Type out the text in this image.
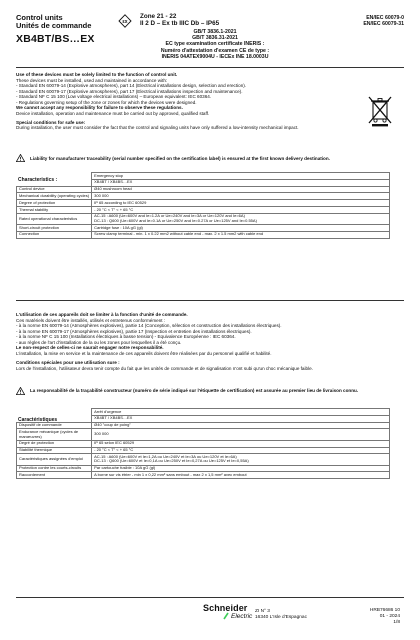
Control units
Unités de commande
XB4BT/BS…EX
εx
Zone 21 - 22
II 2 D – Ex tb IIIC Db – IP65
GB/T 3836.1-2021
GB/T 3836.31-2021
EC type examination certificate INERIS :
Numéro d'attestation d'examen CE de type :
INERIS 04ATEX9004U - IECEx INE 18.0003U
EN/IEC 60079-0
EN/IEC 60079-31
Use of these devices must be solely limited to the function of control unit.
These devices must be installed, used and maintained in accordance with:
- Standard EN 60079-14 (Explosive atmospheres), part 14 (Electrical installations design, selection and erection).
- Standard EN 60079-17 (Explosive atmospheres), part 17 (Electrical installations inspection and maintenance).
- Standard NF C 15 100 (Low voltage electrical installations) – European equivalent: IEC 60364.
- Regulations governing setup of the zone or zones for which the devices were designed.
We cannot accept any responsibility for failure to observe these regulations.
Device installation, operation and maintenance must be carried out by approved, qualified staff.
Special conditions for safe use:
During installation, the user must consider the fact that the control and signaling units have only suffered a low-intensity mechanical impact.
Liability for manufacturer traceability (serial number specified on the certification label) is ensured at the first known delivery destination.
Characteristics :
	Emergency stop
	XB4BT / XB4BS…EX
Control device	Ø40 mushroom head
Mechanical durability (operating cycles)	300 000
Degree of protection	IP 65 according to IEC 60529
Thermal stability	- 20 °C < T° < + 65 °C
Rated operational characteristics	AC-15 : A600 (Ue=600V and Ie=1.2A or Ue=240V and Ie=3A or Ue=120V and Ie=6A)
DC-13 : Q600 (Ue=600V and Ie=0.1A or Ue=250V and Ie=0.27A or Ue=125V and Ie=0.55A)

Short-circuit protection	Cartridge fuse : 10A gG (gl)
Connection	Screw clamp terminal - min. 1 x 0.22 mm2 without cable end - max. 2 x 1.5 mm2 with cable end
L'utilisation de ces appareils doit se limiter à la fonction d'unité de commande.
Ces matériels doivent être installés, utilisés et entretenus conformément :
- à la norme EN 60079-14 (Atmosphères explosives), partie 14 (Conception, sélection et construction des installations électriques).
- à la norme EN 60079-17 (Atmosphères explosives), partie 17 (Inspection et entretien des installations électriques).
- à la norme NF C 15 100 (Installations électriques à basse tension) - Equivalence Européenne : IEC 60364.
- aux règles de l'art d'installation de la ou les zones pour lesquelles il a été conçu.
Le non-respect de celles-ci ne saurait engager notre responsabilité.
L'installation, la mise en service et la maintenance de ces appareils doivent être réalisées par du personnel qualifié et habilité.
Conditions spéciales pour une utilisation sure :
Lors de l'installation, l'utilisateur devra tenir compte du fait que les unités de commande et de signalisation n'ont subi qu'un choc mécanique faible.
La responsabilité de la traçabilité constructeur (numéro de série indiqué sur l'étiquette de certification) est assurée au premier lieu de livraison connu.
Caractéristiques
	Arrêt d'urgence
	XB4BT / XB4BS…EX
Dispositif de commande	Ø40 "coup de poing"
Endurance mécanique (cycles de manœuvres)	300 000
Degré de protection	IP 65 selon IEC 60529
Stabilité thermique	- 20 °C < T° < + 65 °C
Caractéristiques assignées d'emploi	AC-15 : A600 (Ue=600V et Ie=1,2A ou Ue=240V et Ie=3A ou Ue=120V et Ie=6A)
DC-13 : Q600 (Ue=600V et Ie=0,1A ou Ue=250V et Ie=0,27A ou Ue=125V et Ie=0,55A)

Protection contre les courts-circuits	Par cartouche fusible : 10A gG (gl)
Raccordement	A borne sur vis étrier - min 1 x 0,22 mm² sans embout - max 2 x 1,5 mm² avec embout
Schneider
Electric
ZI N° 3
16340 L'Isle d'Espagnac
HRB76686 10
01 - 2024
1/8
